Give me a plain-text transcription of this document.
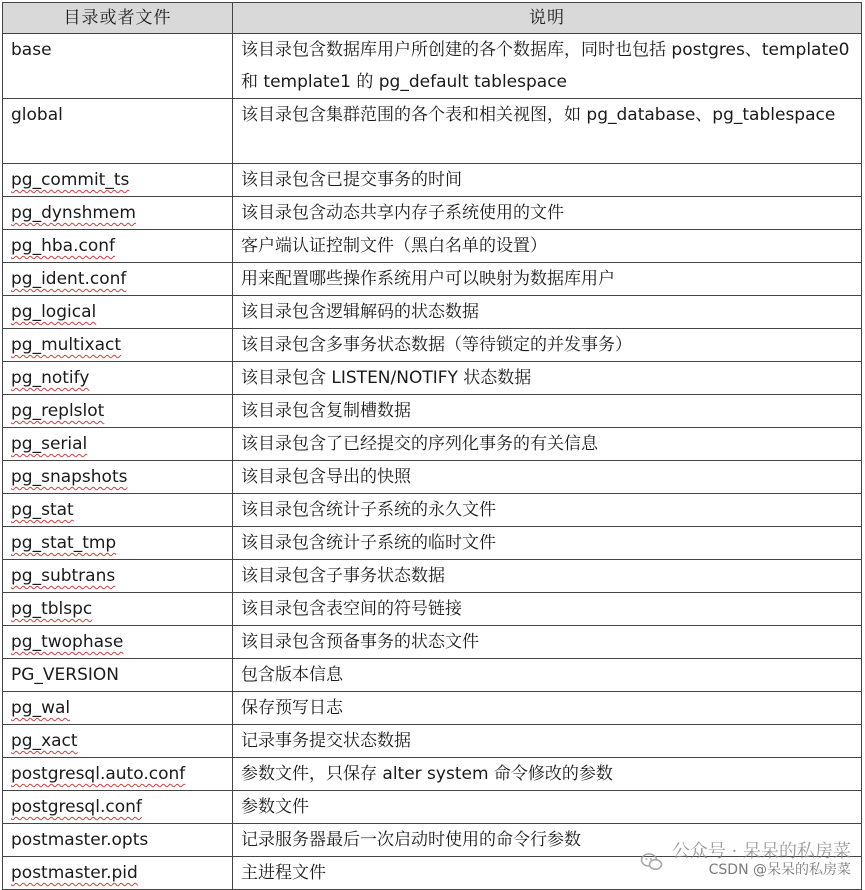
目录或者文件	说明
base	该目录包含数据库用户所创建的各个数据库，同时也包括 postgres、template0 和 template1 的 pg_default tablespace
global	该目录包含集群范围的各个表和相关视图，如 pg_database、pg_tablespace
pg_commit_ts	该目录包含已提交事务的时间
pg_dynshmem	该目录包含动态共享内存子系统使用的文件
pg_hba.conf	客户端认证控制文件（黑白名单的设置）
pg_ident.conf	用来配置哪些操作系统用户可以映射为数据库用户
pg_logical	该目录包含逻辑解码的状态数据
pg_multixact	该目录包含多事务状态数据（等待锁定的并发事务）
pg_notify	该目录包含 LISTEN/NOTIFY 状态数据
pg_replslot	该目录包含复制槽数据
pg_serial	该目录包含了已经提交的序列化事务的有关信息
pg_snapshots	该目录包含导出的快照
pg_stat	该目录包含统计子系统的永久文件
pg_stat_tmp	该目录包含统计子系统的临时文件
pg_subtrans	该目录包含子事务状态数据
pg_tblspc	该目录包含表空间的符号链接
pg_twophase	该目录包含预备事务的状态文件
PG_VERSION	包含版本信息
pg_wal	保存预写日志
pg_xact	记录事务提交状态数据
postgresql.auto.conf	参数文件，只保存 alter system 命令修改的参数
postgresql.conf	参数文件
postmaster.opts	记录服务器最后一次启动时使用的命令行参数
postmaster.pid	主进程文件
公众号 · 呆呆的私房菜
CSDN @呆呆的私房菜
